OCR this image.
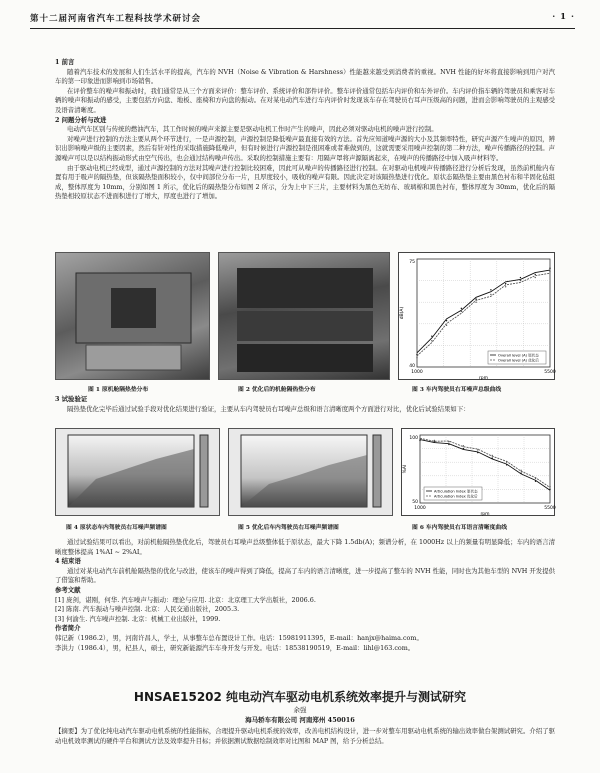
第十二届河南省汽车工程科技学术研讨会	· 1 ·
1 前言

随着汽车技术的发展和人们生活水平的提高，汽车的 NVH（Noise & Vibration & Harshness）性能越来越受到消费者的重视。NVH 性能的好坏将直接影响到用户对汽车的第一印象进而影响到市场销售。

在评价整车的噪声和振动时，我们通常是从三个方面来评价：整车评价、系统评价和部件评价。整车评价通常包括车内评价和车外评价。车内评价指车辆的驾驶员和乘客对车辆的噪声和振动的感受，主要包括方向盘、地板、座椅和方向盘的振动。在对某电动汽车进行车内评价时发现该车存在驾驶员右耳声压级高的问题，进而会影响驾驶员的主观感受及语音清晰度。

2 问题分析与改进

电动汽车区别与传统的燃油汽车，其工作时候的噪声来源主要是驱动电机工作时产生的噪声，因此必须对驱动电机的噪声进行控制。

对噪声进行控制的方法主要从两个环节进行，一是声源控制，声源控制是降低噪声最直接有效的方法。首先应知道噪声源的大小及其频率特性，研究声源产生噪声的原因，辨识出影响噪声级的主要因素，然后有针对性的采取措施降低噪声，但有时候进行声源控制是很困难或者难做到的，这就需要采用噪声控制的第二种方法，噪声传播路径的控制。声源噪声可以是以结构振动形式由空气传出，也会通过结构噪声传出。采取的控制措施主要有：用隔声罩将声源隔离起来，在噪声的传播路径中加入吸声材料等。

由于驱动电机已经成型，通过声源控制的方法对其噪声进行控制比较困难，因此可从噪声的传播路径进行控制。在对驱动电机噪声传播路径进行分析后发现，虽然前机舱内布置有用于吸声的隔热垫，但该隔热垫面积较小，仅中间部位分布一片，且厚度较小，吸收的噪声有限。因此决定对该隔热垫进行优化。原状态隔热垫主要由黑色衬布和半固化毡组成，整体厚度为 10mm，分别如图 1 所示，优化后的隔热垫分布如图 2 所示，分为上中下三片，主要材料为黑色无纺布、玻璃棉和黑色衬布，整体厚度为 30mm，优化后的隔热垫相较原状态不进面积进行了增大，厚度也进行了增加。

75
40
1000	5500
rpm
dB(A)
Overall level (A) 原状态
Overall level (A) 优化后
图 1 原机舱隔热垫分布	图 2 优化后的机舱隔热垫分布	图 3 车内驾驶员右耳噪声总级曲线
3 试验验证

隔热垫优化完毕后通过试验手段对优化结果进行验证，主要从车内驾驶员右耳噪声总级和语言清晰度两个方面进行对比，优化后试验结果如下：

100
50
1000	5500
rpm
%AI
Articulation Index 原状态
Articulation Index 优化后
图 4 原状态车内驾驶员右耳噪声频谱图	图 5 优化后车内驾驶员右耳噪声频谱图	图 6 车内驾驶员右耳语言清晰度曲线

通过试验结果可以看出，对前机舱隔热垫优化后，驾驶员右耳噪声总级整体低于原状态，最大下降 1.5db(A)；频谱分析，在 1000Hz 以上的频量有明显降低；车内的语言清晰度整体提高 1%AI ~ 2%AI。

4 结束语

通过对某电动汽车前机舱隔热垫的优化与改进，使该车的噪声得到了降低，提高了车内的语言清晰度，进一步提高了整车的 NVH 性能，同时也为其他车型的 NVH 开发提供了借鉴和帮助。

参考文献

[1] 庞剑，谌刚，何华. 汽车噪声与振动：理论与应用. 北京：北京理工大学出版社，2006.6.

[2] 陈南. 汽车振动与噪声控制. 北京：人民交通出版社，2005.3.

[3] 何渝生. 汽车噪声控制. 北京：机械工业出版社，1999.

作者简介

韩记新（1986.2），男，河南许昌人，学士，从事整车总布置设计工作。电话：15981911395，E-mail：hanjx@haima.com。

李洪力（1986.4），男，杞县人，硕士，研究新能源汽车车身开发与开发。电话：18538190519，E-mail：lihl@163.com。

HNSAE15202 纯电动汽车驱动电机系统效率提升与测试研究
余强
海马轿车有限公司 河南郑州 450016
【摘要】为了优化纯电动汽车驱动电机系统的性能指标，合理提升驱动电机系统的效率，改善电机结构设计，进一步对整车用驱动电机系统的输出效率做台架测试研究。介绍了驱动电机效率测试的硬件平台和测试方法及效率提升目标；并依据测试数据绘制效率对比图和 MAP 图，给予分析总结。
